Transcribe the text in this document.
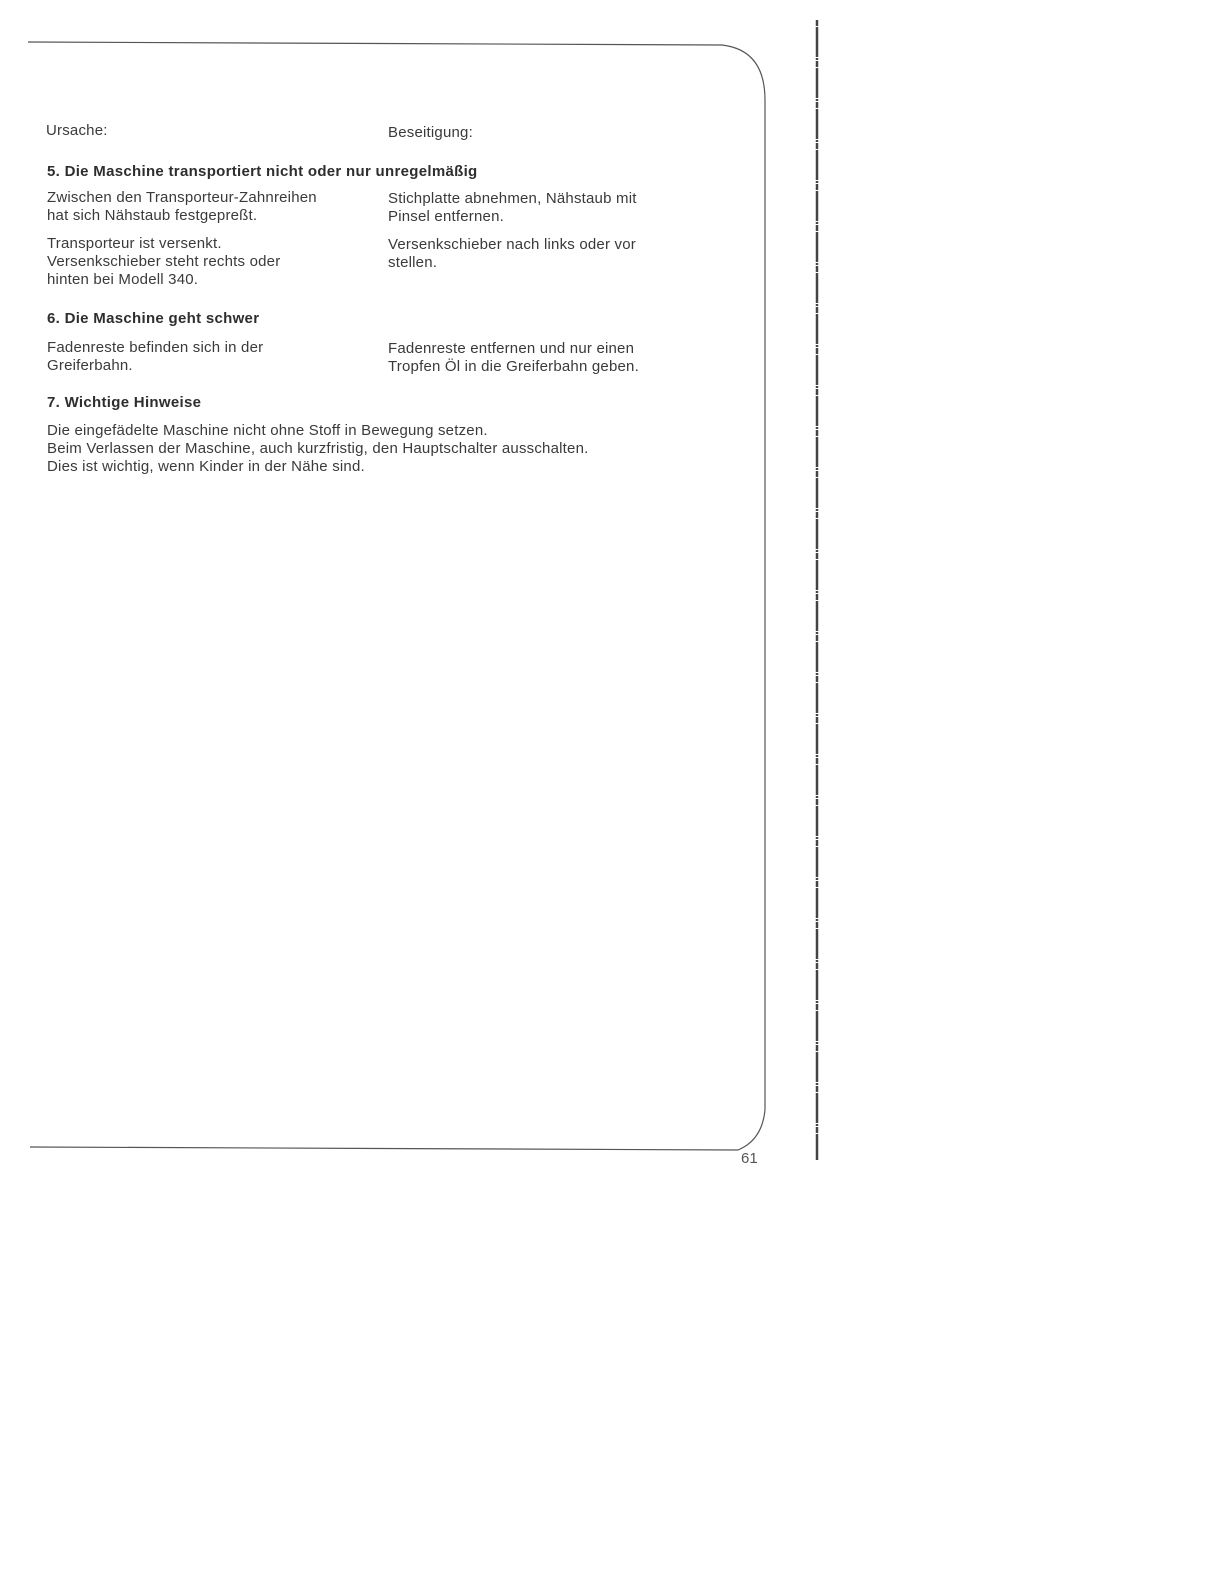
Ursache:	Beseitigung:
5. Die Maschine transportiert nicht oder nur unregelmäßig
Zwischen den Transporteur-Zahnreihen
hat sich Nähstaub festgepreßt.
Stichplatte abnehmen, Nähstaub mit
Pinsel entfernen.
Transporteur ist versenkt.
Versenkschieber steht rechts oder
hinten bei Modell 340.
Versenkschieber nach links oder vor
stellen.
6. Die Maschine geht schwer
Fadenreste befinden sich in der
Greiferbahn.
Fadenreste entfernen und nur einen
Tropfen Öl in die Greiferbahn geben.
7. Wichtige Hinweise
Die eingefädelte Maschine nicht ohne Stoff in Bewegung setzen.
Beim Verlassen der Maschine, auch kurzfristig, den Hauptschalter ausschalten.
Dies ist wichtig, wenn Kinder in der Nähe sind.
61
